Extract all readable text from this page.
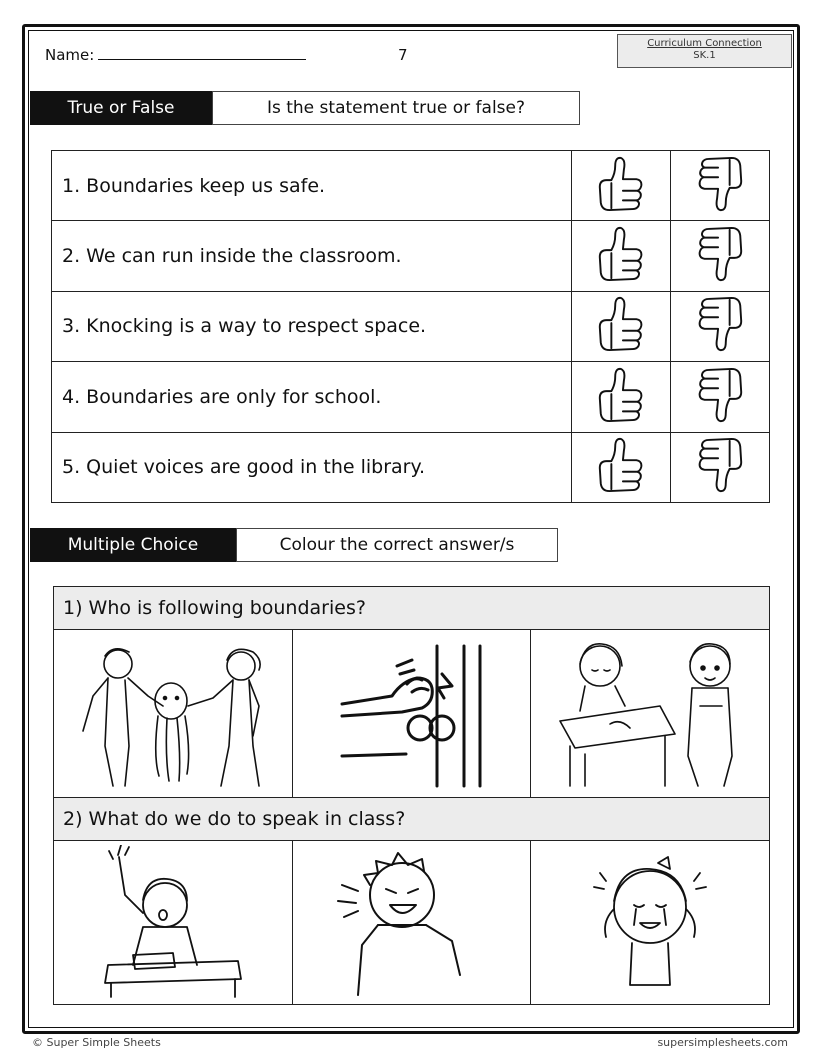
Name:	7
Curriculum Connection
SK.1
True or False	Is the statement true or false?
1. Boundaries keep us safe.		
2. We can run inside the classroom.		
3. Knocking is a way to respect space.		
4. Boundaries are only for school.		
5. Quiet voices are good in the library.		
Multiple Choice	Colour the correct answer/s
1) Who is following boundaries?
2) What do we do to speak in class?
© Super Simple Sheets	supersimplesheets.com
